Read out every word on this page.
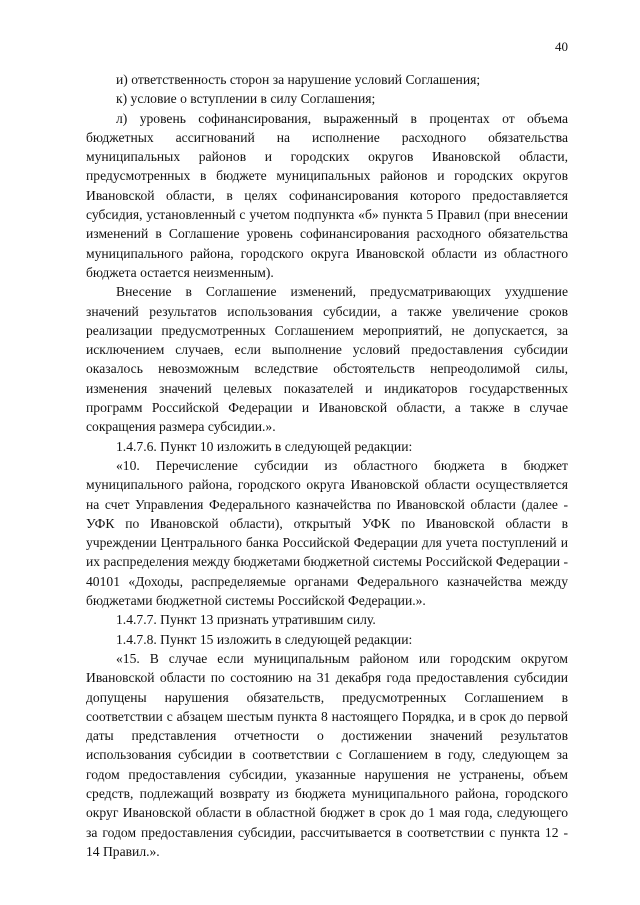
40

и) ответственность сторон за нарушение условий Соглашения;

к) условие о вступлении в силу Соглашения;

л) уровень софинансирования, выраженный в процентах от объема бюджетных ассигнований на исполнение расходного обязательства муниципальных районов и городских округов Ивановской области, предусмотренных в бюджете муниципальных районов и городских округов Ивановской области, в целях софинансирования которого предоставляется субсидия, установленный с учетом подпункта «б» пункта 5 Правил (при внесении изменений в Соглашение уровень софинансирования расходного обязательства муниципального района, городского округа Ивановской области из областного бюджета остается неизменным).

Внесение в Соглашение изменений, предусматривающих ухудшение значений результатов использования субсидии, а также увеличение сроков реализации предусмотренных Соглашением мероприятий, не допускается, за исключением случаев, если выполнение условий предоставления субсидии оказалось невозможным вследствие обстоятельств непреодолимой силы, изменения значений целевых показателей и индикаторов государственных программ Российской Федерации и Ивановской области, а также в случае сокращения размера субсидии.».

1.4.7.6. Пункт 10 изложить в следующей редакции:

«10. Перечисление субсидии из областного бюджета в бюджет муниципального района, городского округа Ивановской области осуществляется на счет Управления Федерального казначейства по Ивановской области (далее - УФК по Ивановской области), открытый УФК по Ивановской области в учреждении Центрального банка Российской Федерации для учета поступлений и их распределения между бюджетами бюджетной системы Российской Федерации - 40101 «Доходы, распределяемые органами Федерального казначейства между бюджетами бюджетной системы Российской Федерации.».

1.4.7.7. Пункт 13 признать утратившим силу.

1.4.7.8. Пункт 15 изложить в следующей редакции:

«15. В случае если муниципальным районом или городским округом Ивановской области по состоянию на 31 декабря года предоставления субсидии допущены нарушения обязательств, предусмотренных Соглашением в соответствии с абзацем шестым пункта 8 настоящего Порядка, и в срок до первой даты представления отчетности о достижении значений результатов использования субсидии в соответствии с Соглашением в году, следующем за годом предоставления субсидии, указанные нарушения не устранены, объем средств, подлежащий возврату из бюджета муниципального района, городского округ Ивановской области в областной бюджет в срок до 1 мая года, следующего за годом предоставления субсидии, рассчитывается в соответствии с пункта 12 - 14 Правил.».
